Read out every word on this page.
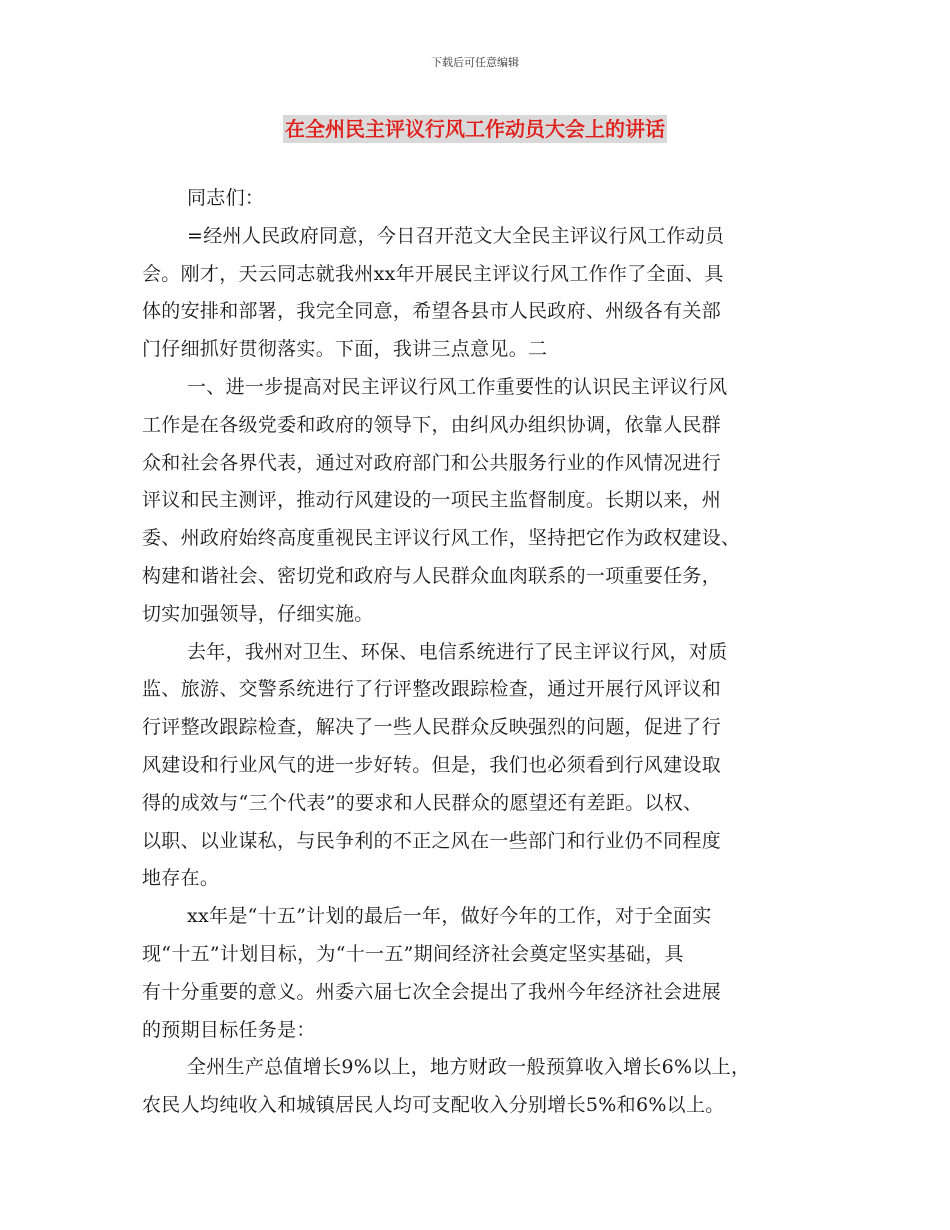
下载后可任意编辑
在全州民主评议行风工作动员大会上的讲话
同志们：
=经州人民政府同意，今日召开范文大全民主评议行风工作动员
会。刚才，天云同志就我州xx年开展民主评议行风工作作了全面、具
体的安排和部署，我完全同意，希望各县市人民政府、州级各有关部
门仔细抓好贯彻落实。下面，我讲三点意见。二
一、进一步提高对民主评议行风工作重要性的认识民主评议行风
工作是在各级党委和政府的领导下，由纠风办组织协调，依靠人民群
众和社会各界代表，通过对政府部门和公共服务行业的作风情况进行
评议和民主测评，推动行风建设的一项民主监督制度。长期以来，州
委、州政府始终高度重视民主评议行风工作，坚持把它作为政权建设、
构建和谐社会、密切党和政府与人民群众血肉联系的一项重要任务，
切实加强领导，仔细实施。
去年，我州对卫生、环保、电信系统进行了民主评议行风，对质
监、旅游、交警系统进行了行评整改跟踪检查，通过开展行风评议和
行评整改跟踪检查，解决了一些人民群众反映强烈的问题，促进了行
风建设和行业风气的进一步好转。但是，我们也必须看到行风建设取
得的成效与“三个代表”的要求和人民群众的愿望还有差距。以权、
以职、以业谋私，与民争利的不正之风在一些部门和行业仍不同程度
地存在。
xx年是“十五”计划的最后一年，做好今年的工作，对于全面实
现“十五”计划目标，为“十一五”期间经济社会奠定坚实基础，具
有十分重要的意义。州委六届七次全会提出了我州今年经济社会进展
的预期目标任务是：
全州生产总值增长9%以上，地方财政一般预算收入增长6%以上，
农民人均纯收入和城镇居民人均可支配收入分别增长5%和6%以上。
